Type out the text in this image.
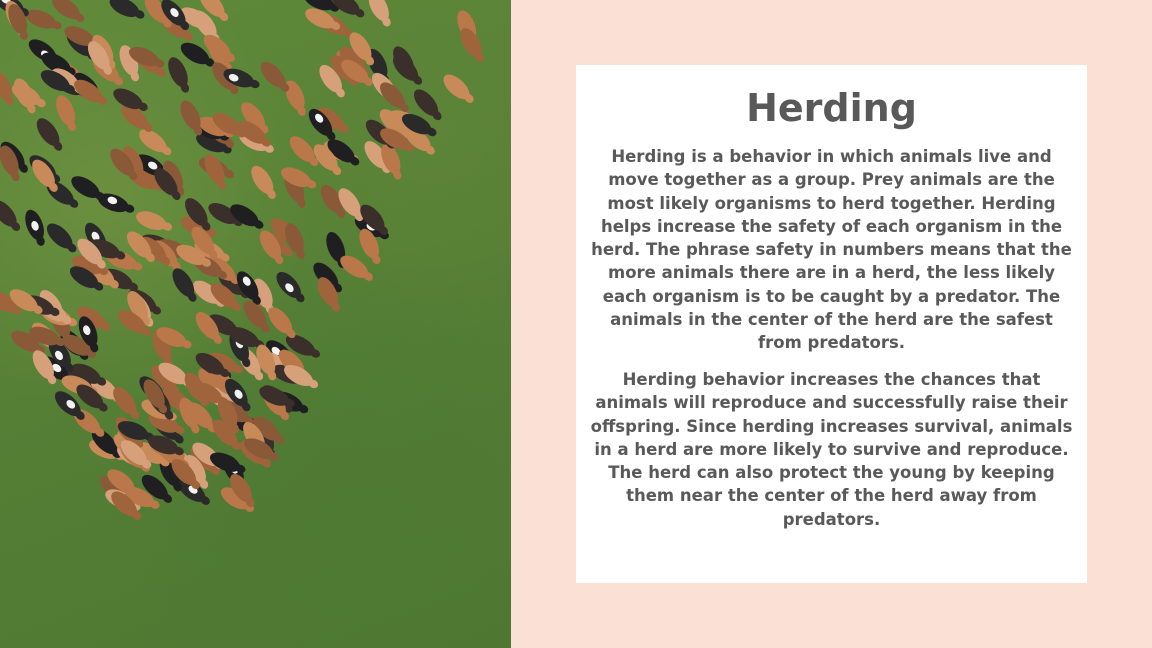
Herding

Herding is a behavior in which animals live and move together as a group. Prey animals are the most likely organisms to herd together. Herding helps increase the safety of each organism in the herd. The phrase safety in numbers means that the more animals there are in a herd, the less likely each organism is to be caught by a predator. The animals in the center of the herd are the safest from predators.

Herding behavior increases the chances that animals will reproduce and successfully raise their offspring. Since herding increases survival, animals in a herd are more likely to survive and reproduce. The herd can also protect the young by keeping them near the center of the herd away from predators.
